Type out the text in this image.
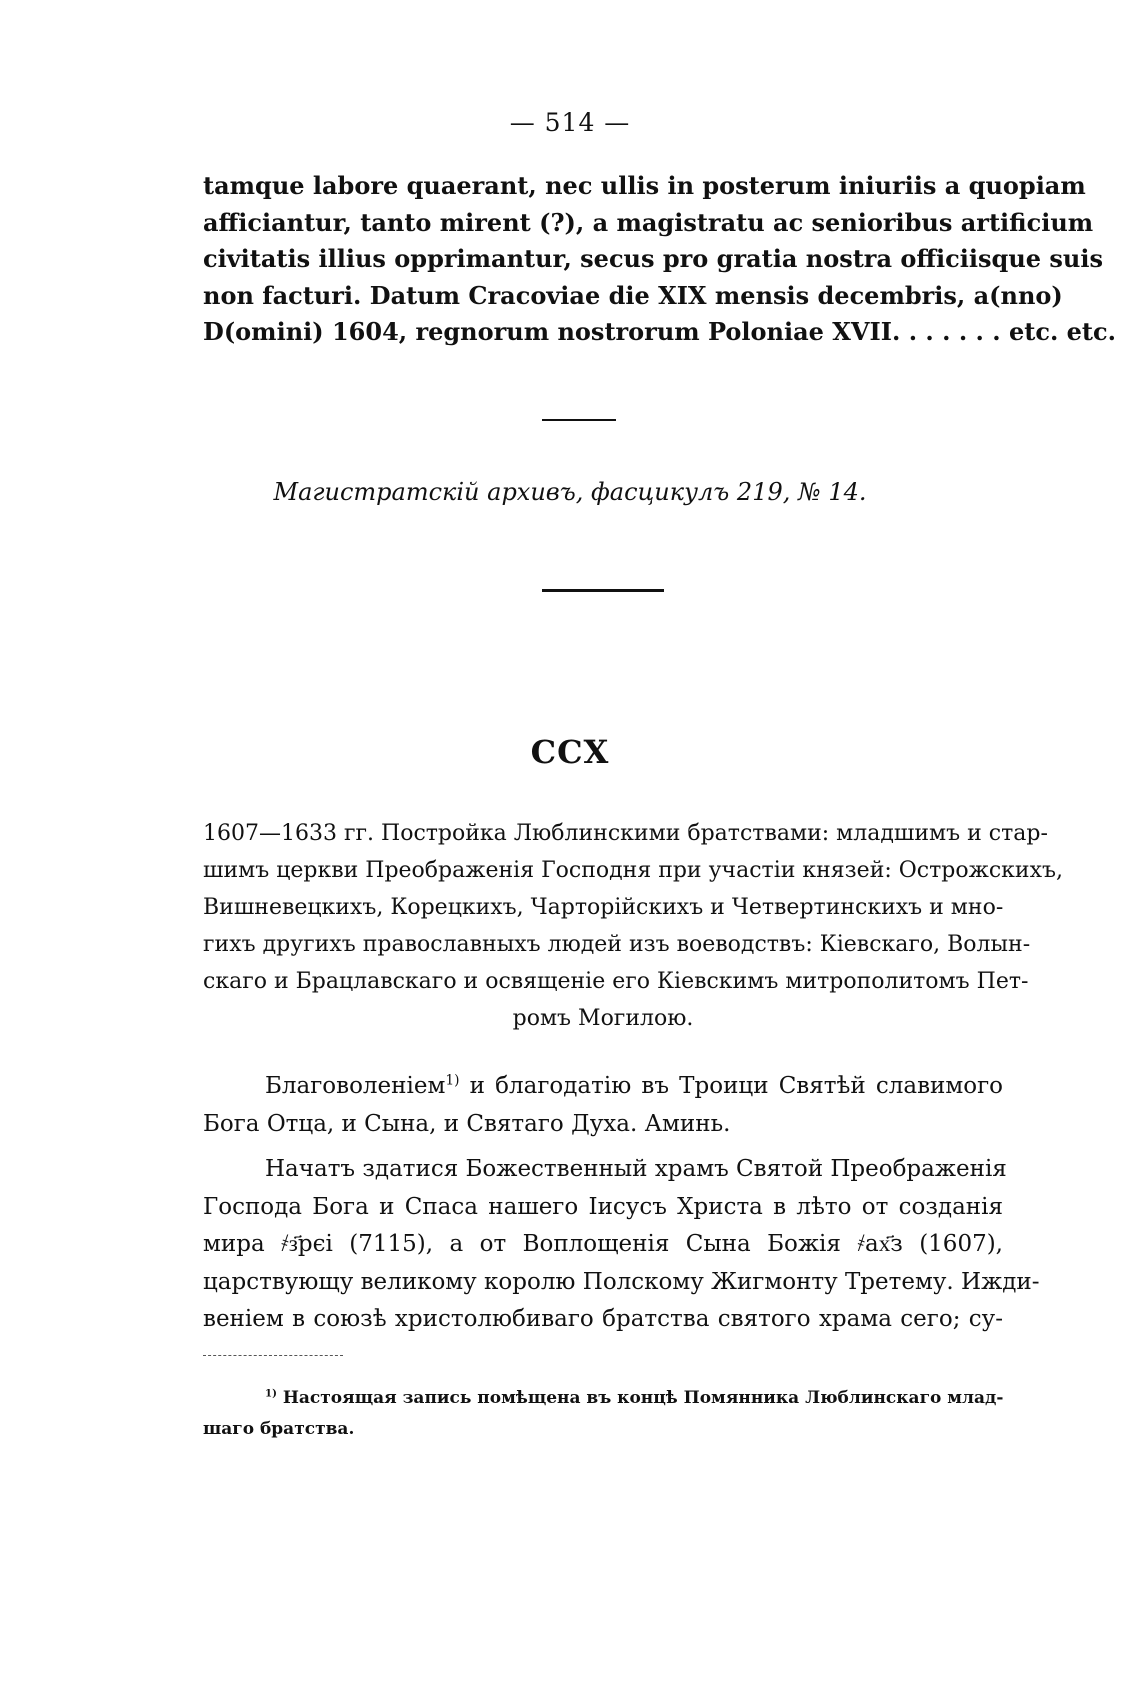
— 514 —
tamque labore quaerant, nec ullis in posterum iniuriis a quopiam
afficiantur, tanto mirent (?), a magistratu ac senioribus artificium
civitatis illius opprimantur, secus pro gratia nostra officiisque suis
non facturi. Datum Cracoviae die XIX mensis decembris, a(nno)
D(omini) 1604, regnorum nostrorum Poloniae XVII. . . . . . . etc. etc.
Магистратскій архивъ, фасцикулъ 219, № 14.
CCX
1607—1633 гг. Постройка Люблинскими братствами: младшимъ и стар-
шимъ церкви Преображенія Господня при участіи князей: Острожскихъ,
Вишневецкихъ, Корецкихъ, Чарторійскихъ и Четвертинскихъ и мно-
гихъ другихъ православныхъ людей изъ воеводствъ: Кіевскаго, Волын-
скаго и Брацлавскаго и освященіе его Кіевскимъ митрополитомъ Пет-
ромъ Могилою.
Благоволеніем$^{1)}$ и благодатію въ Троици Святѣй славимого
Бога Отца, и Сына, и Святаго Духа. Аминь.
Начатъ здатися Божественный храмъ Святой Преображенія
Господа Бога и Спаса нашего Іисусъ Христа в лѣто от созданія
мира ҂з҃рєі (7115), а от Воплощенія Сына Божія ҂ах҃з (1607),
царствующу великому королю Полскому Жигмонту Третему. Ижди-
веніем в союзѣ христолюбиваго братства святого храма сего; су-
$^{1)}$ Настоящая запись помѣщена въ концѣ Помянника Люблинскаго млад-
шаго братства.
